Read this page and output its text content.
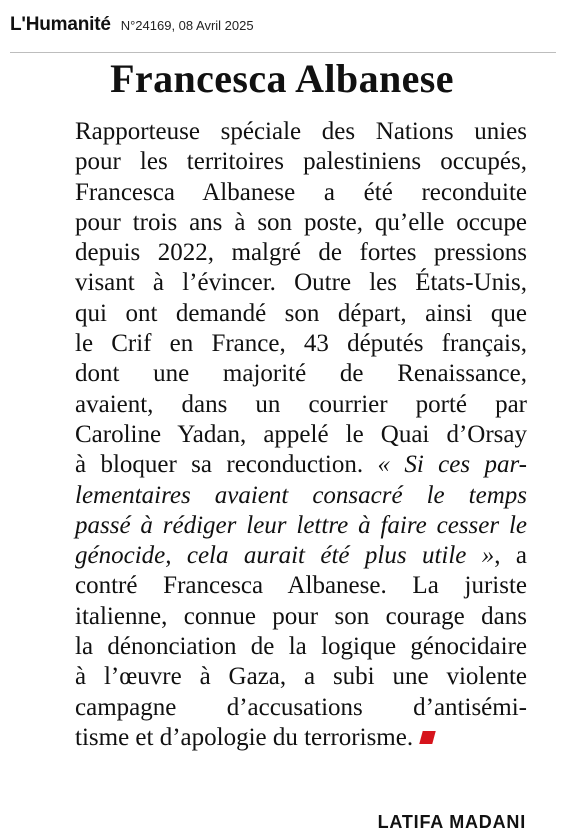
L'Humanité N°24169, 08 Avril 2025
Francesca Albanese
Rapporteuse spéciale des Nations unies
pour les territoires palestiniens occupés,
Francesca Albanese a été reconduite
pour trois ans à son poste, qu’elle occupe
depuis 2022, malgré de fortes pressions
visant à l’évincer. Outre les États-Unis,
qui ont demandé son départ, ainsi que
le Crif en France, 43 députés français,
dont une majorité de Renaissance,
avaient, dans un courrier porté par
Caroline Yadan, appelé le Quai d’Orsay
à bloquer sa reconduction. « Si ces par-
lementaires avaient consacré le temps
passé à rédiger leur lettre à faire cesser le
génocide, cela aurait été plus utile », a
contré Francesca Albanese. La juriste
italienne, connue pour son courage dans
la dénonciation de la logique génocidaire
à l’œuvre à Gaza, a subi une violente
campagne d’accusations d’antisémi-
tisme et d’apologie du terrorisme.
LATIFA MADANI
